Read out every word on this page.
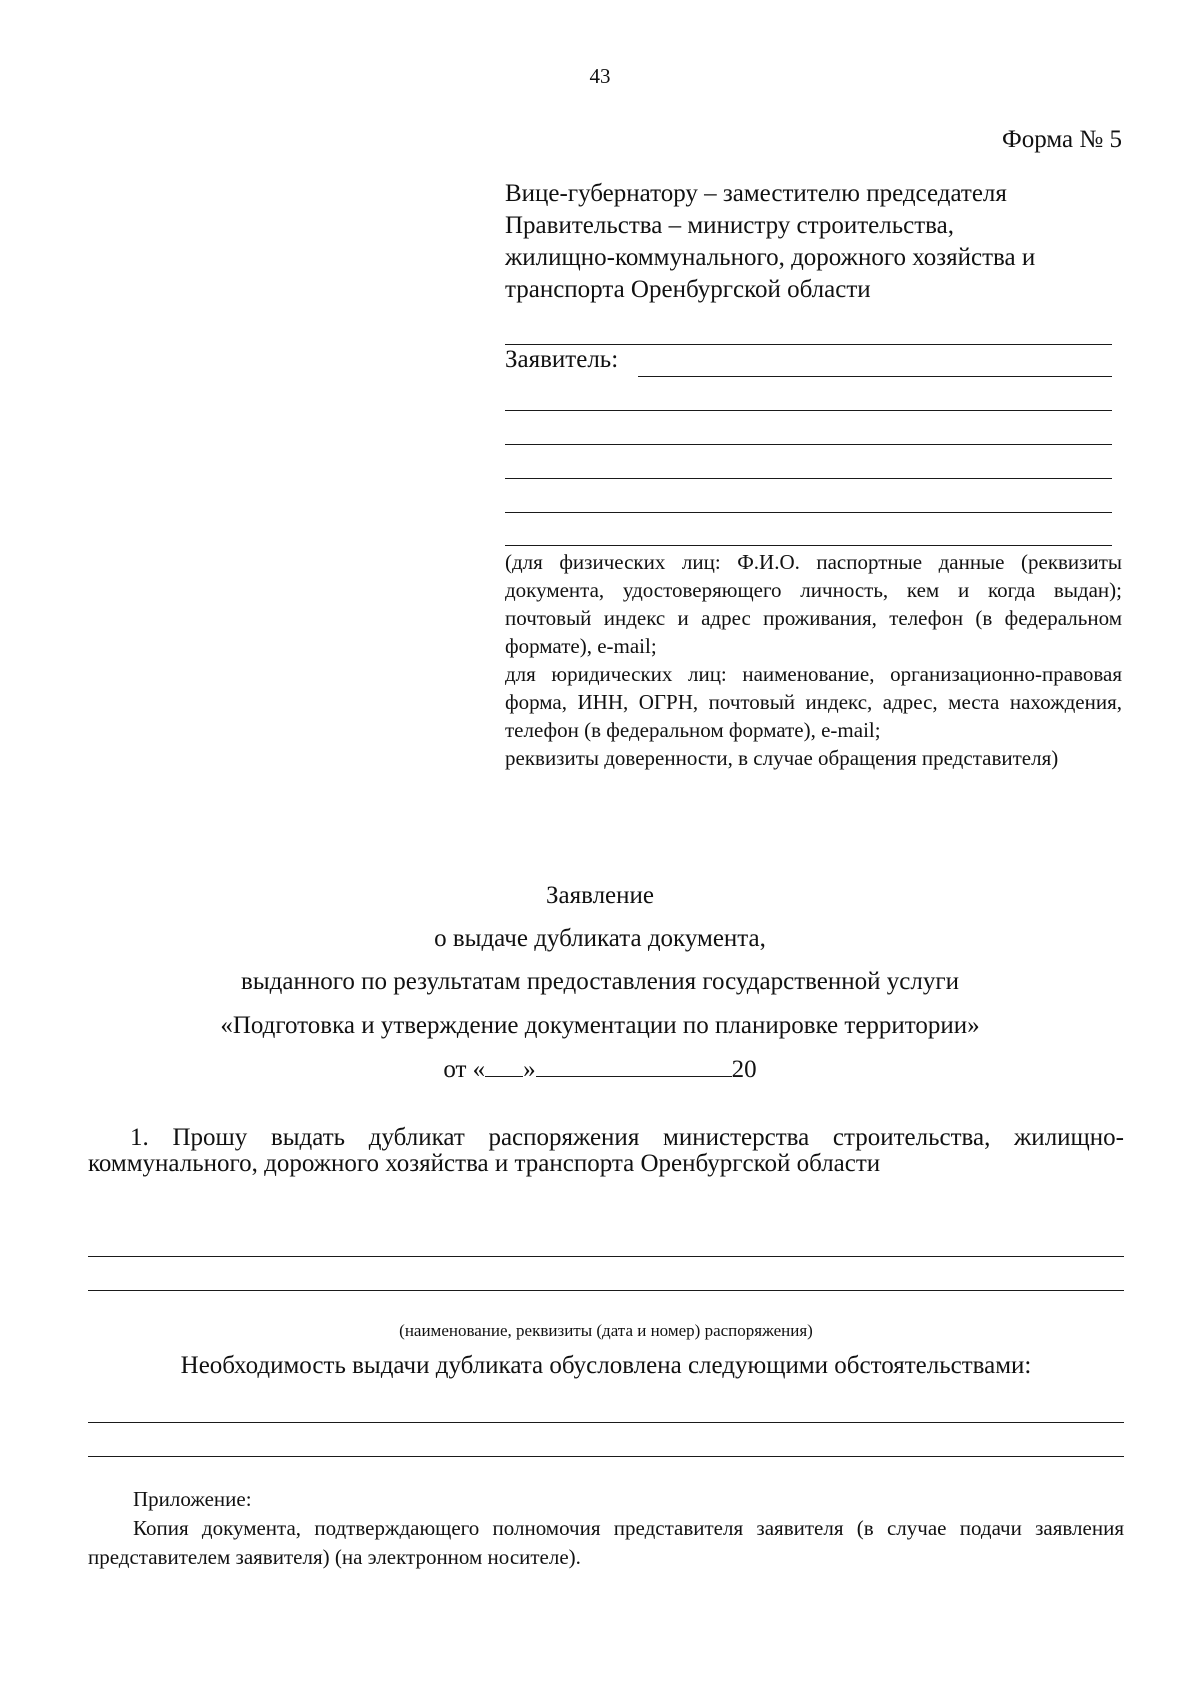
43
Форма № 5
Вице-губернатору – заместителю председателя
Правительства – министру строительства,
жилищно-коммунального, дорожного хозяйства и
транспорта Оренбургской области
Заявитель:

(для физических лиц: Ф.И.О. паспортные данные (реквизиты документа, удостоверяющего личность, кем и когда выдан); почтовый индекс и адрес проживания, телефон (в федеральном формате), e-mail;

для юридических лиц: наименование, организационно-правовая форма, ИНН, ОГРН, почтовый индекс, адрес, места нахождения, телефон (в федеральном формате), e-mail;

реквизиты доверенности, в случае обращения представителя)

Заявление
о выдаче дубликата документа,
выданного по результатам предоставления государственной услуги
«Подготовка и утверждение документации по планировке территории»
от « »	20
1. Прошу выдать дубликат распоряжения министерства строительства, жилищно-коммунального, дорожного хозяйства и транспорта Оренбургской области
(наименование, реквизиты (дата и номер) распоряжения)
Необходимость выдачи дубликата обусловлена следующими обстоятельствами:
Приложение:
Копия документа, подтверждающего полномочия представителя заявителя (в случае подачи заявления представителем заявителя) (на электронном носителе).
